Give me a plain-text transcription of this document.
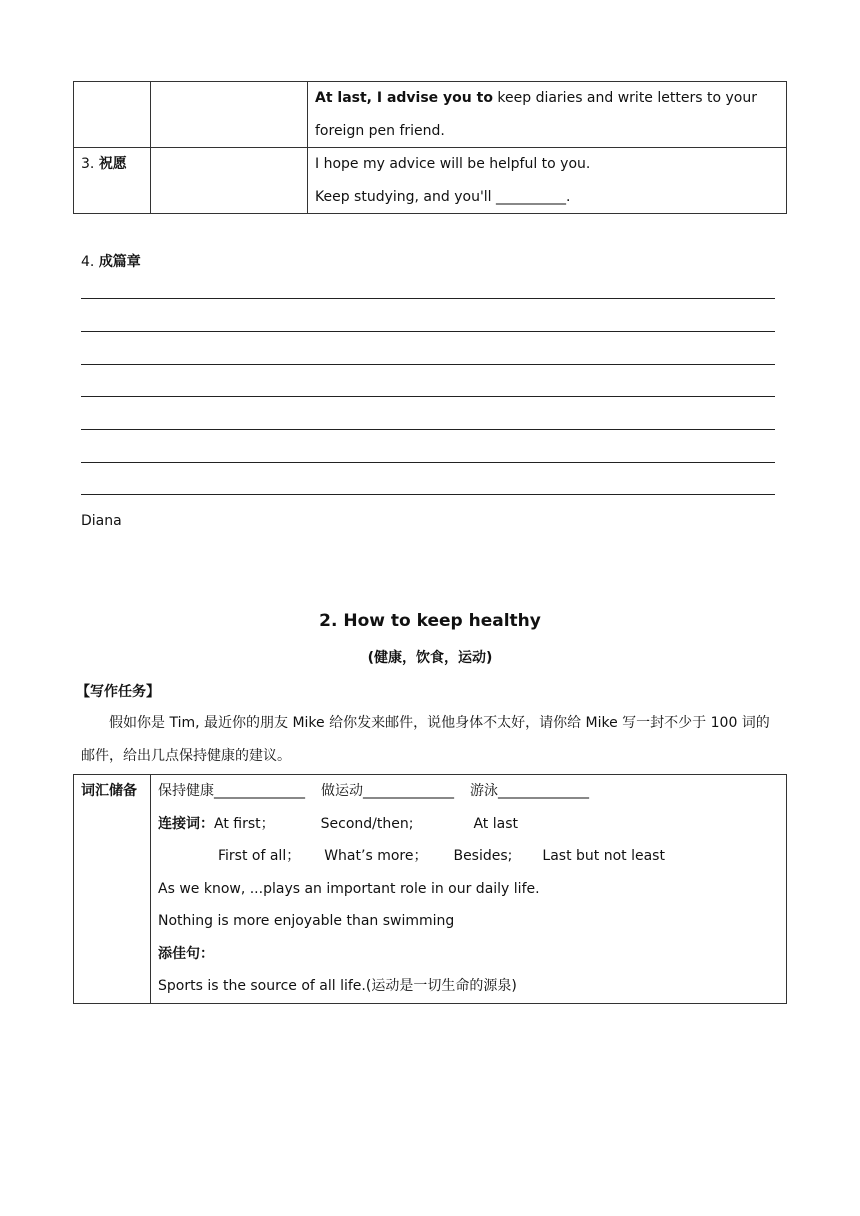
		At last, I advise you to keep diaries and write letters to your foreign pen friend.

3. 祝愿		I hope my advice will be helpful to you.
Keep studying, and you'll __________.
4. 成篇章
Diana
2. How to keep healthy
(健康，饮食，运动)
【写作任务】
假如你是 Tim, 最近你的朋友 Mike 给你发来邮件，说他身体不太好，请你给 Mike 写一封不少于 100 词的邮件，给出几点保持健康的建议。
词汇储备	保持健康_____________ 做运动_____________ 游泳_____________
连接词：At first；	Second/then;	At last
First of all； What’s more； Besides; Last but not least
As we know, ...plays an important role in our daily life.
Nothing is more enjoyable than swimming
添佳句：
Sports is the source of all life.(运动是一切生命的源泉)
